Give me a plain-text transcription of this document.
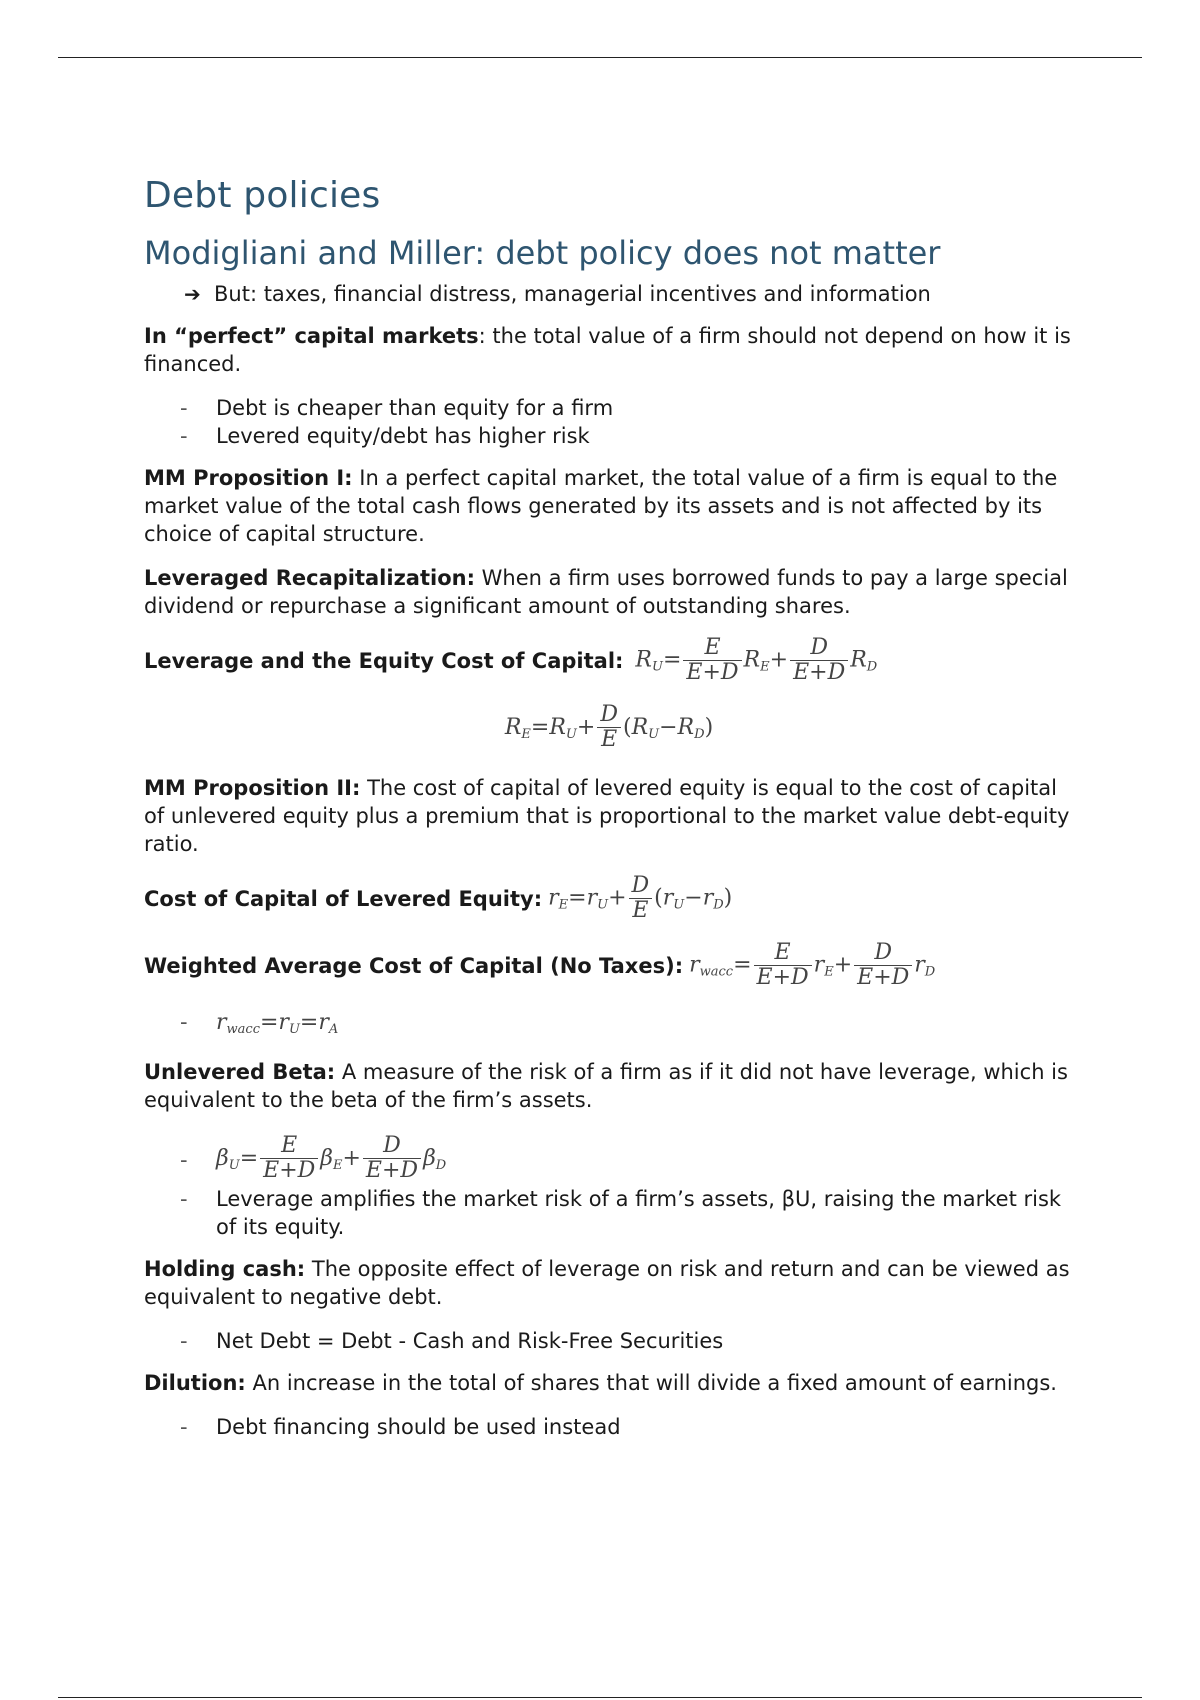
Debt policies
Modigliani and Miller: debt policy does not matter
➔ But: taxes, financial distress, managerial incentives and information

In “perfect” capital markets: the total value of a firm should not depend on how it is financed.

- Debt is cheaper than equity for a firm
- Levered equity/debt has higher risk

MM Proposition I: In a perfect capital market, the total value of a firm is equal to the market value of the total cash flows generated by its assets and is not affected by its choice of capital structure.

Leveraged Recapitalization: When a firm uses borrowed funds to pay a large special dividend or repurchase a significant amount of outstanding shares.

Leverage and the Equity Cost of Capital: $R_U= \frac{E}{E+D} R_E+ \frac{D}{E+D} R_D$
$R_E=R_U+ \frac{D}{E} (R_U-R_D)$

MM Proposition II: The cost of capital of levered equity is equal to the cost of capital of unlevered equity plus a premium that is proportional to the market value debt-equity ratio.

Cost of Capital of Levered Equity: $r_E=r_U+ \frac{D}{E} (r_U-r_D)$
Weighted Average Cost of Capital (No Taxes): $r_{wacc}= \frac{E}{E+D} r_E+ \frac{D}{E+D} r_D$
- $r_{wacc}=r_U=r_A$

Unlevered Beta: A measure of the risk of a firm as if it did not have leverage, which is equivalent to the beta of the firm’s assets.

- $\beta_U= \frac{E}{E+D} \beta_E+ \frac{D}{E+D} \beta_D$
- Leverage amplifies the market risk of a firm’s assets, βU, raising the market risk of its equity.

Holding cash: The opposite effect of leverage on risk and return and can be viewed as equivalent to negative debt.

- Net Debt = Debt - Cash and Risk-Free Securities

Dilution: An increase in the total of shares that will divide a fixed amount of earnings.

- Debt financing should be used instead
